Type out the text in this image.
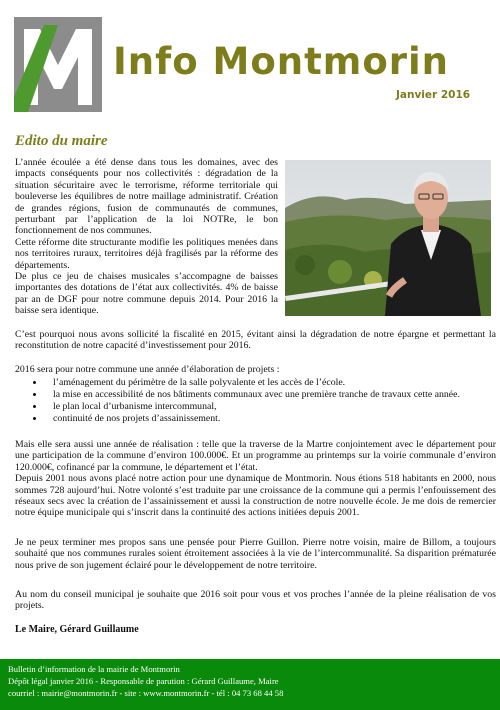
Info Montmorin
Janvier 2016
Edito du maire

L’année écoulée a été dense dans tous les domaines, avec des impacts conséquents pour nos collectivités : dégradation de la situation sécuritaire avec le terrorisme, réforme territoriale qui bouleverse les équilibres de notre maillage administratif. Création de grandes régions, fusion de communautés de communes, perturbant par l’application de la loi NOTRe, le bon fonctionnement de nos communes.

Cette réforme dite structurante modifie les politiques menées dans nos territoires ruraux, territoires déjà fragilisés par la réforme des départements.

De plus ce jeu de chaises musicales s’accompagne de baisses importantes des dotations de l’état aux collectivités. 4% de baisse par an de DGF pour notre commune depuis 2014. Pour 2016 la baisse sera identique.

C’est pourquoi nous avons sollicité la fiscalité en 2015, évitant ainsi la dégradation de notre épargne et permettant la reconstitution de notre capacité d’investissement pour 2016.

2016 sera pour notre commune une année d’élaboration de projets :

• l’aménagement du périmètre de la salle polyvalente et les accès de l’école.
• la mise en accessibilité de nos bâtiments communaux avec une première tranche de travaux cette année.
• le plan local d’urbanisme intercommunal,
• continuité de nos projets d’assainissement.

Mais elle sera aussi une année de réalisation : telle que la traverse de la Martre conjointement avec le département pour une participation de la commune d’environ 100.000€. Et un programme au printemps sur la voirie communale d’environ 120.000€, cofinancé par la commune, le département et l’état.

Depuis 2001 nous avons placé notre action pour une dynamique de Montmorin. Nous étions 518 habitants en 2000, nous sommes 728 aujourd’hui. Notre volonté s’est traduite par une croissance de la commune qui a permis l’enfouissement des réseaux secs avec la création de l’assainissement et aussi la construction de notre nouvelle école. Je me dois de remercier notre équipe municipale qui s’inscrit dans la continuité des actions initiées depuis 2001.

Je ne peux terminer mes propos sans une pensée pour Pierre Guillon. Pierre notre voisin, maire de Billom, a toujours souhaité que nos communes rurales soient étroitement associées à la vie de l’intercommunalité. Sa disparition prématurée nous prive de son jugement éclairé pour le développement de notre territoire.
Au nom du conseil municipal je souhaite que 2016 soit pour vous et vos proches l’année de la pleine réalisation de vos projets.

Le Maire, Gérard Guillaume

Bulletin d’information de la mairie de Montmorin
Dépôt légal janvier 2016 - Responsable de parution : Gérard Guillaume, Maire
courriel : mairie@montmorin.fr - site : www.montmorin.fr - tél : 04 73 68 44 58
